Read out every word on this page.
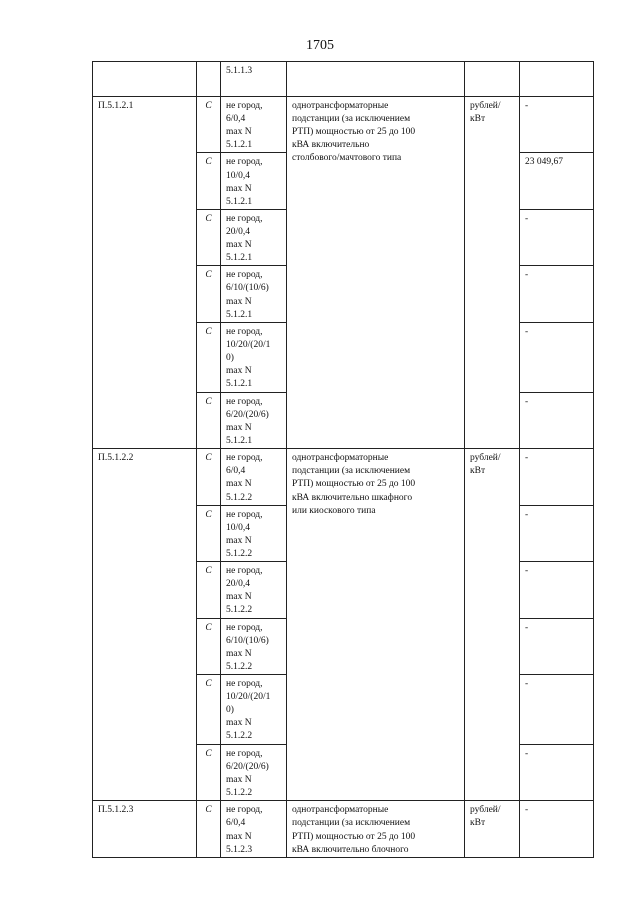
1705
		5.1.1.3			
П.5.1.2.1	С	не город,
6/0,4
max N
5.1.2.1	однотрансформаторные
подстанции (за исключением
РТП) мощностью от 25 до 100
кВА включительно
столбового/мачтового типа	рублей/
кВт	-
	С	не город,
10/0,4
max N
5.1.2.1			23 049,67
	С	не город,
20/0,4
max N
5.1.2.1			-
	С	не город,
6/10/(10/6)
max N
5.1.2.1			-
	С	не город,
10/20/(20/1
0)
max N
5.1.2.1			-
	С	не город,
6/20/(20/6)
max N
5.1.2.1			-
П.5.1.2.2	С	не город,
6/0,4
max N
5.1.2.2	однотрансформаторные
подстанции (за исключением
РТП) мощностью от 25 до 100
кВА включительно шкафного
или киоскового типа	рублей/
кВт	-
	С	не город,
10/0,4
max N
5.1.2.2			-
	С	не город,
20/0,4
max N
5.1.2.2			-
	С	не город,
6/10/(10/6)
max N
5.1.2.2			-
	С	не город,
10/20/(20/1
0)
max N
5.1.2.2			-
	С	не город,
6/20/(20/6)
max N
5.1.2.2			-
П.5.1.2.3	С	не город,
6/0,4
max N
5.1.2.3	однотрансформаторные
подстанции (за исключением
РТП) мощностью от 25 до 100
кВА включительно блочного	рублей/
кВт	-
